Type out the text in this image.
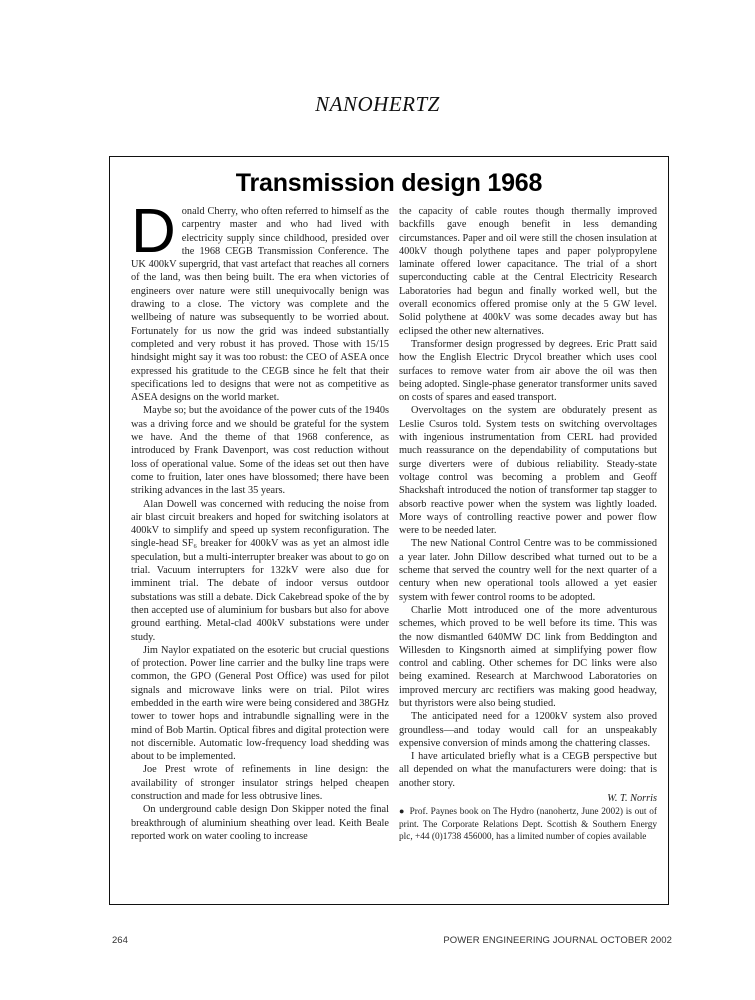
NANOHERTZ
Transmission design 1968

Donald Cherry, who often referred to himself as the carpentry master and who had lived with electricity supply since childhood, presided over the 1968 CEGB Transmission Conference. The UK 400kV supergrid, that vast artefact that reaches all corners of the land, was then being built. The era when victories of engineers over nature were still unequivocally benign was drawing to a close. The victory was complete and the wellbeing of nature was subsequently to be worried about. Fortunately for us now the grid was indeed substantially completed and very robust it has proved. Those with 15/15 hindsight might say it was too robust: the CEO of ASEA once expressed his gratitude to the CEGB since he felt that their specifications led to designs that were not as competitive as ASEA designs on the world market.

Maybe so; but the avoidance of the power cuts of the 1940s was a driving force and we should be grateful for the system we have. And the theme of that 1968 conference, as introduced by Frank Davenport, was cost reduction without loss of operational value. Some of the ideas set out then have come to fruition, later ones have blossomed; there have been striking advances in the last 35 years.

Alan Dowell was concerned with reducing the noise from air blast circuit breakers and hoped for switching isolators at 400kV to simplify and speed up system reconfiguration. The single-head SF₆ breaker for 400kV was as yet an almost idle speculation, but a multi-interrupter breaker was about to go on trial. Vacuum interrupters for 132kV were also due for imminent trial. The debate of indoor versus outdoor substations was still a debate. Dick Cakebread spoke of the by then accepted use of aluminium for busbars but also for above ground earthing. Metal-clad 400kV substations were under study.

Jim Naylor expatiated on the esoteric but crucial questions of protection. Power line carrier and the bulky line traps were common, the GPO (General Post Office) was used for pilot signals and microwave links were on trial. Pilot wires embedded in the earth wire were being considered and 38GHz tower to tower hops and intrabundle signalling were in the mind of Bob Martin. Optical fibres and digital protection were not discernible. Automatic low-frequency load shedding was about to be implemented.

Joe Prest wrote of refinements in line design: the availability of stronger insulator strings helped cheapen construction and made for less obtrusive lines.

On underground cable design Don Skipper noted the final breakthrough of aluminium sheathing over lead. Keith Beale reported work on water cooling to increase

the capacity of cable routes though thermally improved backfills gave enough benefit in less demanding circumstances. Paper and oil were still the chosen insulation at 400kV though polythene tapes and paper polypropylene laminate offered lower capacitance. The trial of a short superconducting cable at the Central Electricity Research Laboratories had begun and finally worked well, but the overall economics offered promise only at the 5 GW level. Solid polythene at 400kV was some decades away but has eclipsed the other new alternatives.

Transformer design progressed by degrees. Eric Pratt said how the English Electric Drycol breather which uses cool surfaces to remove water from air above the oil was then being adopted. Single-phase generator transformer units saved on costs of spares and eased transport.

Overvoltages on the system are obdurately present as Leslie Csuros told. System tests on switching overvoltages with ingenious instrumentation from CERL had provided much reassurance on the dependability of computations but surge diverters were of dubious reliability. Steady-state voltage control was becoming a problem and Geoff Shackshaft introduced the notion of transformer tap stagger to absorb reactive power when the system was lightly loaded. More ways of controlling reactive power and power flow were to be needed later.

The new National Control Centre was to be commissioned a year later. John Dillow described what turned out to be a scheme that served the country well for the next quarter of a century when new operational tools allowed a yet easier system with fewer control rooms to be adopted.

Charlie Mott introduced one of the more adventurous schemes, which proved to be well before its time. This was the now dismantled 640MW DC link from Beddington and Willesden to Kingsnorth aimed at simplifying power flow control and cabling. Other schemes for DC links were also being examined. Research at Marchwood Laboratories on improved mercury arc rectifiers was making good headway, but thyristors were also being studied.

The anticipated need for a 1200kV system also proved groundless—and today would call for an unspeakably expensive conversion of minds among the chattering classes.

I have articulated briefly what is a CEGB perspective but all depended on what the manufacturers were doing: that is another story.

W. T. Norris

● Prof. Paynes book on The Hydro (nanohertz, June 2002) is out of print. The Corporate Relations Dept. Scottish & Southern Energy plc, +44 (0)1738 456000, has a limited number of copies available

264	POWER ENGINEERING JOURNAL OCTOBER 2002
